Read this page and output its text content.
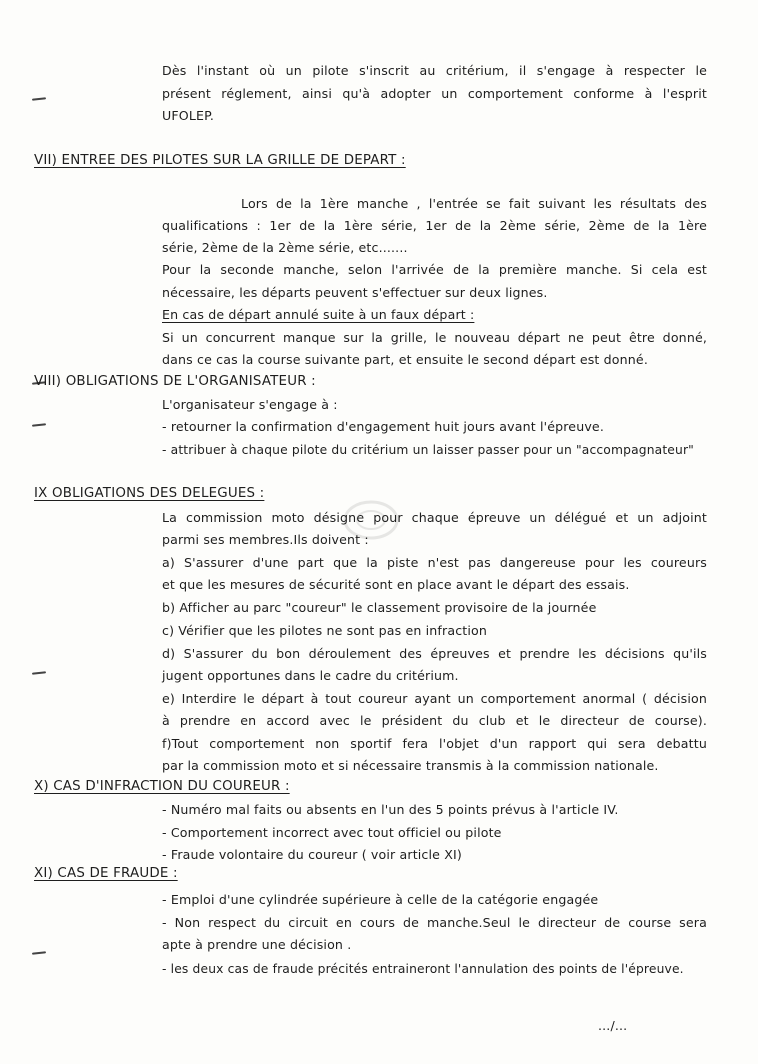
Dès l'instant où un pilote s'inscrit au critérium, il s'engage à respecter le

présent réglement, ainsi qu'à adopter un comportement conforme à l'esprit

UFOLEP.

VII) ENTREE DES PILOTES SUR LA GRILLE DE DEPART :

Lors de la 1ère manche , l'entrée se fait suivant les résultats des

qualifications : 1er de la 1ère série, 1er de la 2ème série, 2ème de la 1ère

série, 2ème de la 2ème série, etc.......

Pour la seconde manche, selon l'arrivée de la première manche. Si cela est

nécessaire, les départs peuvent s'effectuer sur deux lignes.

En cas de départ annulé suite à un faux départ :

Si un concurrent manque sur la grille, le nouveau départ ne peut être donné,

dans ce cas la course suivante part, et ensuite le second départ est donné.

VIII) OBLIGATIONS DE L'ORGANISATEUR :

L'organisateur s'engage à :

- retourner la confirmation d'engagement huit jours avant l'épreuve.

- attribuer à chaque pilote du critérium un laisser passer pour un "accompagnateur"

IX OBLIGATIONS DES DELEGUES :

La commission moto désigne pour chaque épreuve un délégué et un adjoint

parmi ses membres.Ils doivent :

a) S'assurer d'une part que la piste n'est pas dangereuse pour les coureurs

et que les mesures de sécurité sont en place avant le départ des essais.

b) Afficher au parc "coureur" le classement provisoire de la journée

c) Vérifier que les pilotes ne sont pas en infraction

d) S'assurer du bon déroulement des épreuves et prendre les décisions qu'ils

jugent opportunes dans le cadre du critérium.

e) Interdire le départ à tout coureur ayant un comportement anormal ( décision

à prendre en accord avec le président du club et le directeur de course).

f)Tout comportement non sportif fera l'objet d'un rapport qui sera debattu

par la commission moto et si nécessaire transmis à la commission nationale.

X) CAS D'INFRACTION DU COUREUR :

- Numéro mal faits ou absents en l'un des 5 points prévus à l'article IV.

- Comportement incorrect avec tout officiel ou pilote

- Fraude volontaire du coureur ( voir article XI)

XI) CAS DE FRAUDE :

- Emploi d'une cylindrée supérieure à celle de la catégorie engagée

- Non respect du circuit en cours de manche.Seul le directeur de course sera

apte à prendre une décision .

- les deux cas de fraude précités entraineront l'annulation des points de l'épreuve.

.../...
